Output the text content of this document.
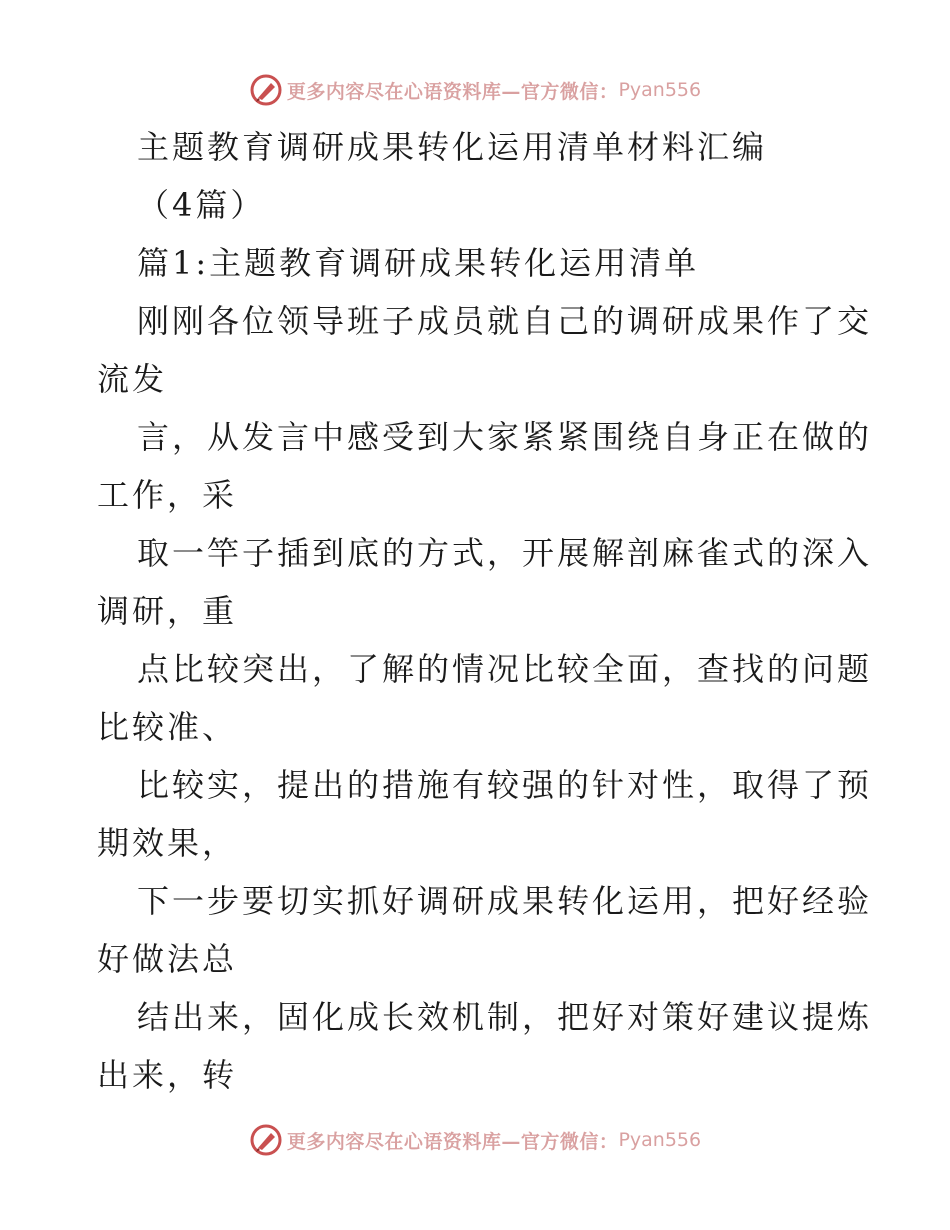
更多内容尽在心语资料库 —官方微信： Pyan556
主题教育调研成果转化运用清单材料汇编
（4篇）
篇1:主题教育调研成果转化运用清单
刚刚各位领导班子成员就自己的调研成果作了交
流发
言，从发言中感受到大家紧紧围绕自身正在做的
工作，采
取一竿子插到底的方式，开展解剖麻雀式的深入
调研，重
点比较突出，了解的情况比较全面，查找的问题
比较准、
比较实，提出的措施有较强的针对性，取得了预
期效果，
下一步要切实抓好调研成果转化运用，把好经验
好做法总
结出来，固化成长效机制，把好对策好建议提炼
出来，转
更多内容尽在心语资料库 —官方微信： Pyan556
